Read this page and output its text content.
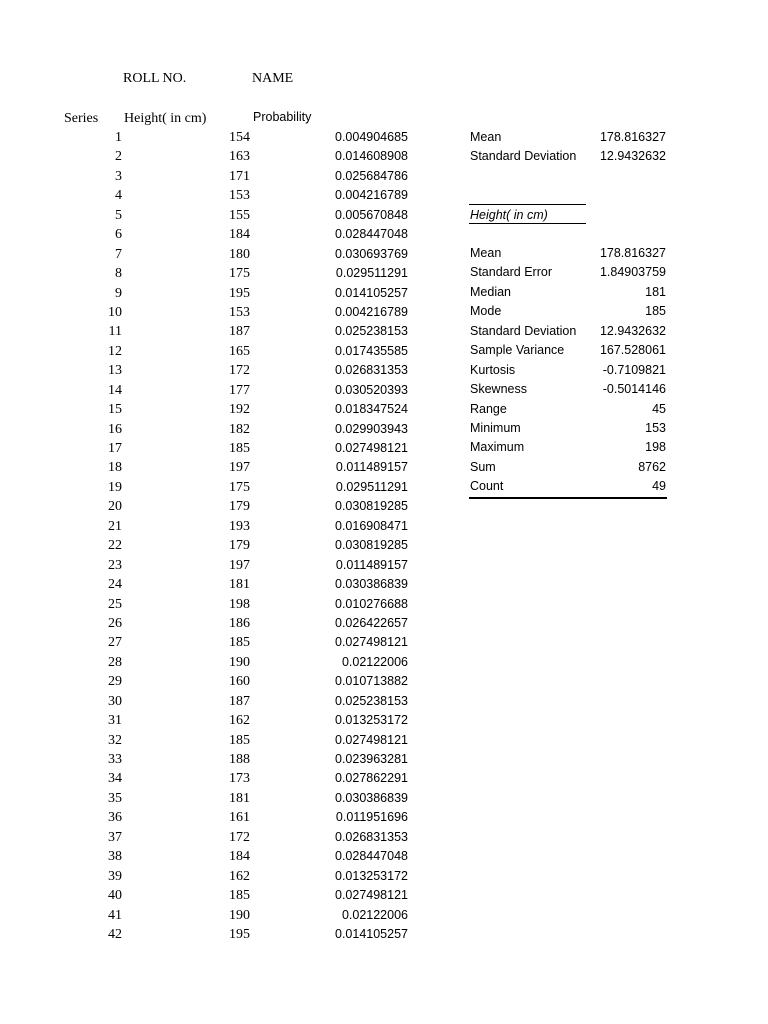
ROLL NO.	NAME
Series Height( in cm)	Probability
1	154	0.004904685
2	163	0.014608908
3	171	0.025684786
4	153	0.004216789
5	155	0.005670848
6	184	0.028447048
7	180	0.030693769
8	175	0.029511291
9	195	0.014105257
10	153	0.004216789
11	187	0.025238153
12	165	0.017435585
13	172	0.026831353
14	177	0.030520393
15	192	0.018347524
16	182	0.029903943
17	185	0.027498121
18	197	0.011489157
19	175	0.029511291
20	179	0.030819285
21	193	0.016908471
22	179	0.030819285
23	197	0.011489157
24	181	0.030386839
25	198	0.010276688
26	186	0.026422657
27	185	0.027498121
28	190	0.02122006
29	160	0.010713882
30	187	0.025238153
31	162	0.013253172
32	185	0.027498121
33	188	0.023963281
34	173	0.027862291
35	181	0.030386839
36	161	0.011951696
37	172	0.026831353
38	184	0.028447048
39	162	0.013253172
40	185	0.027498121
41	190	0.02122006
42	195	0.014105257
Mean	178.816327
Standard Deviation 12.9432632
Height( in cm)
Mean	178.816327
Standard Error	1.84903759
Median	181
Mode	185
Standard Deviation 12.9432632
Sample Variance	167.528061
Kurtosis	-0.7109821
Skewness	-0.5014146
Range	45
Minimum	153
Maximum	198
Sum	8762
Count	49
